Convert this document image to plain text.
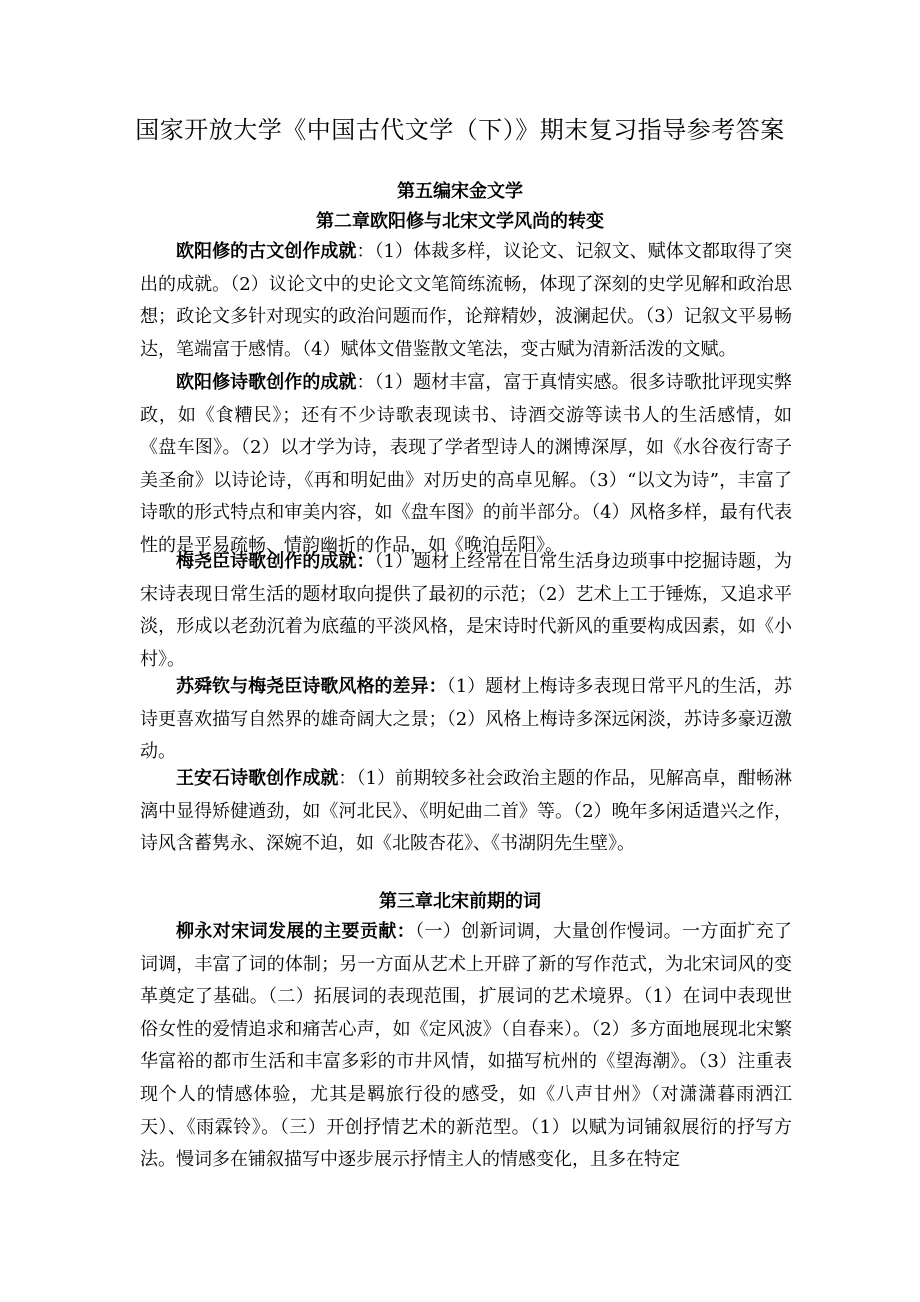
国家开放大学《中国古代文学（下）》期末复习指导参考答案
第五编宋金文学
第二章欧阳修与北宋文学风尚的转变

欧阳修的古文创作成就：（1）体裁多样，议论文、记叙文、赋体文都取得了突出的成就。（2）议论文中的史论文文笔简练流畅，体现了深刻的史学见解和政治思想；政论文多针对现实的政治问题而作，论辩精妙，波澜起伏。（3）记叙文平易畅达，笔端富于感情。（4）赋体文借鉴散文笔法，变古赋为清新活泼的文赋。

欧阳修诗歌创作的成就：（1）题材丰富，富于真情实感。很多诗歌批评现实弊政，如《食糟民》；还有不少诗歌表现读书、诗酒交游等读书人的生活感情，如《盘车图》。（2）以才学为诗，表现了学者型诗人的渊博深厚，如《水谷夜行寄子美圣俞》以诗论诗，《再和明妃曲》对历史的高卓见解。（3）“以文为诗”，丰富了诗歌的形式特点和审美内容，如《盘车图》的前半部分。（4）风格多样，最有代表性的是平易疏畅、情韵幽折的作品，如《晚泊岳阳》。

梅尧臣诗歌创作的成就：（1）题材上经常在日常生活身边琐事中挖掘诗题，为宋诗表现日常生活的题材取向提供了最初的示范；（2）艺术上工于锤炼，又追求平淡，形成以老劲沉着为底蕴的平淡风格，是宋诗时代新风的重要构成因素，如《小村》。

苏舜钦与梅尧臣诗歌风格的差异：（1）题材上梅诗多表现日常平凡的生活，苏诗更喜欢描写自然界的雄奇阔大之景；（2）风格上梅诗多深远闲淡，苏诗多豪迈激动。

王安石诗歌创作成就：（1）前期较多社会政治主题的作品，见解高卓，酣畅淋漓中显得矫健遒劲，如《河北民》、《明妃曲二首》等。（2）晚年多闲适遣兴之作，诗风含蓄隽永、深婉不迫，如《北陂杏花》、《书湖阴先生壁》。

第三章北宋前期的词

柳永对宋词发展的主要贡献：（一）创新词调，大量创作慢词。一方面扩充了词调，丰富了词的体制；另一方面从艺术上开辟了新的写作范式，为北宋词风的变革奠定了基础。（二）拓展词的表现范围，扩展词的艺术境界。（1）在词中表现世俗女性的爱情追求和痛苦心声，如《定风波》（自春来）。（2）多方面地展现北宋繁华富裕的都市生活和丰富多彩的市井风情，如描写杭州的《望海潮》。（3）注重表现个人的情感体验，尤其是羁旅行役的感受，如《八声甘州》（对潇潇暮雨洒江天）、《雨霖铃》。（三）开创抒情艺术的新范型。（1）以赋为词铺叙展衍的抒写方法。慢词多在铺叙描写中逐步展示抒情主人的情感变化，且多在特定
